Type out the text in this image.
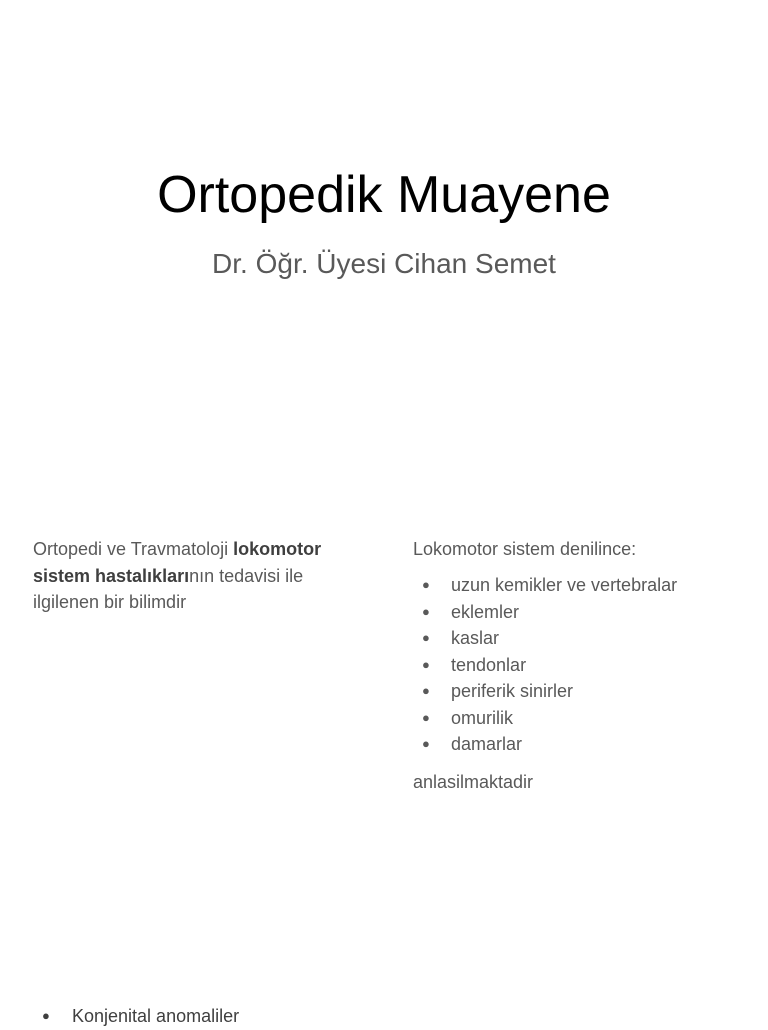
Ortopedik Muayene
Dr. Öğr. Üyesi Cihan Semet

Ortopedi ve Travmatoloji lokomotor sistem hastalıklarının tedavisi ile ilgilenen bir bilimdir

Lokomotor sistem denilince:

●	uzun kemikler ve vertebralar
●	eklemler
●	kaslar
●	tendonlar
●	periferik sinirler
●	omurilik
●	damarlar

anlasilmaktadir

●	Konjenital anomaliler
